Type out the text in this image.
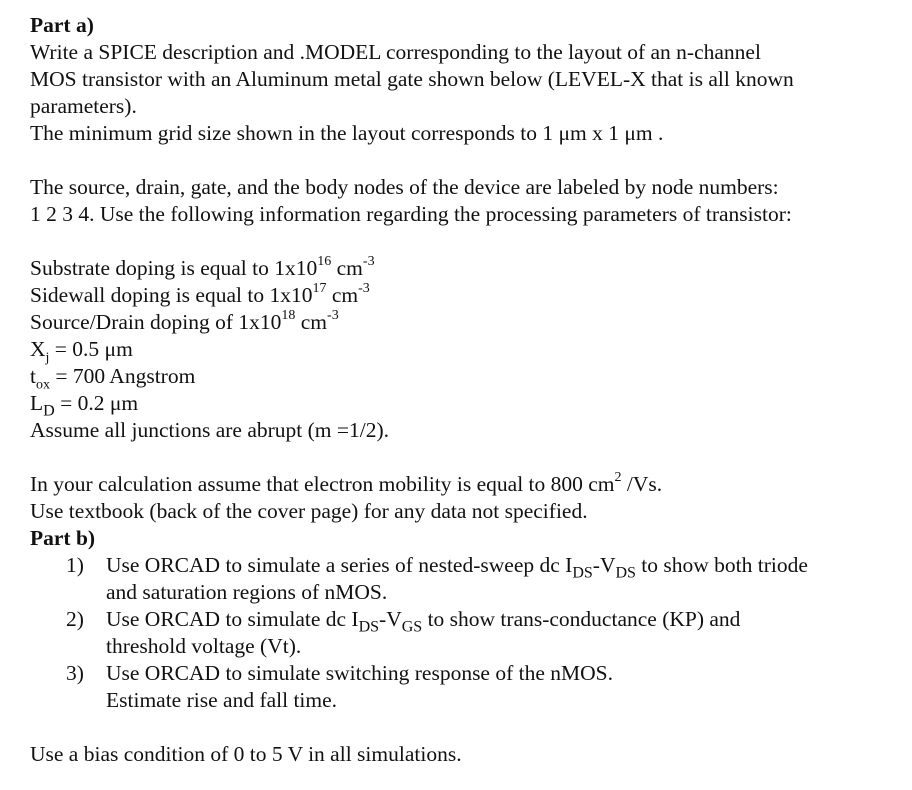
Part a)
Write a SPICE description and .MODEL corresponding to the layout of an n-channel
MOS transistor with an Aluminum metal gate shown below (LEVEL-X that is all known
parameters).
The minimum grid size shown in the layout corresponds to 1 μm x 1 μm .
The source, drain, gate, and the body nodes of the device are labeled by node numbers:
1 2 3 4. Use the following information regarding the processing parameters of transistor:
Substrate doping is equal to $1x10^{16}$ $cm^{-3}$
Sidewall doping is equal to $1x10^{17}$ $cm^{-3}$
Source/Drain doping of $1x10^{18}$ $cm^{-3}$
$X_j = 0.5$ μm
$t_{ox} = 700$ Angstrom
$L_D = 0.2$ μm
Assume all junctions are abrupt (m =1/2).
In your calculation assume that electron mobility is equal to 800 $cm^2$ /Vs.
Use textbook (back of the cover page) for any data not specified.
Part b)
1)	Use ORCAD to simulate a series of nested-sweep dc $I_{DS}-V_{DS}$ to show both triode
and saturation regions of nMOS.
2)	Use ORCAD to simulate dc $I_{DS}-V_{GS}$ to show trans-conductance (KP) and
threshold voltage (Vt).
3)	Use ORCAD to simulate switching response of the nMOS.
Estimate rise and fall time.
Use a bias condition of 0 to 5 V in all simulations.
